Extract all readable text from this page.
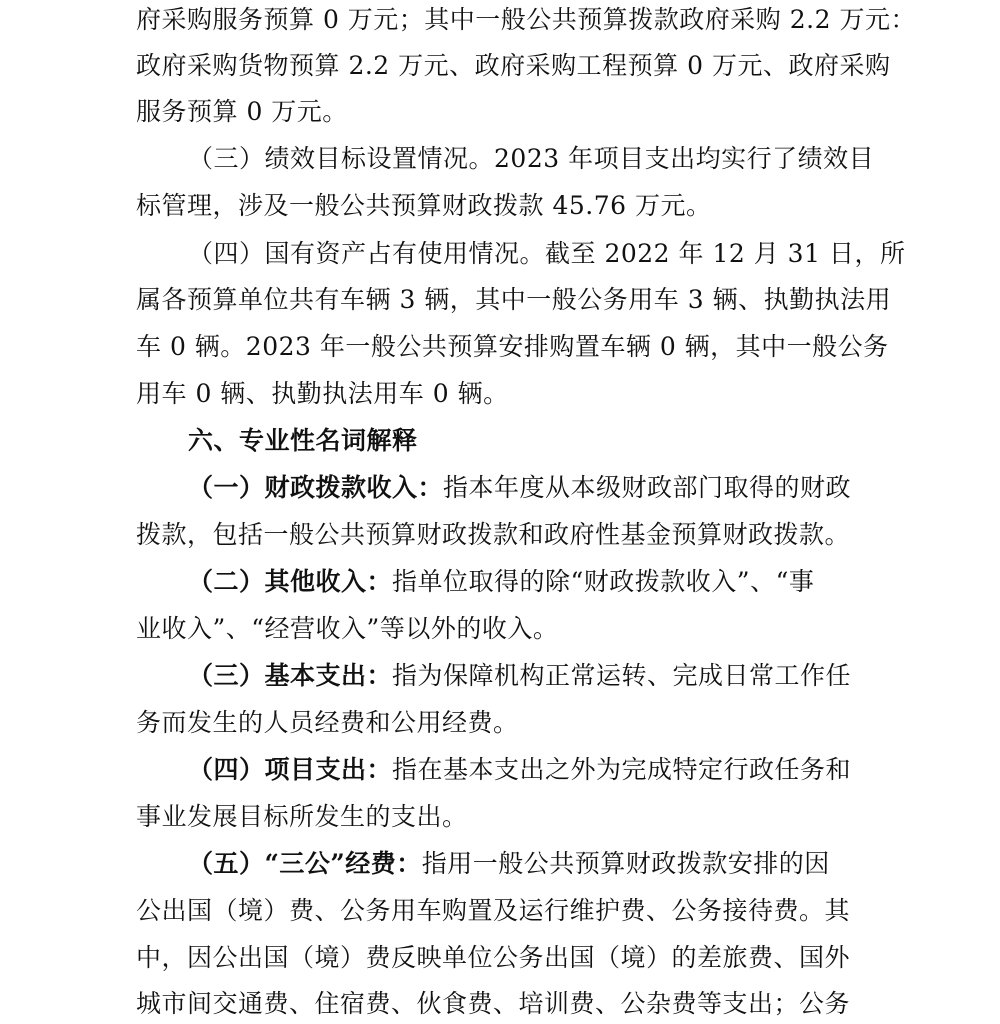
府采购服务预算 0 万元；其中一般公共预算拨款政府采购 2.2 万元：
政府采购货物预算 2.2 万元、政府采购工程预算 0 万元、政府采购
服务预算 0 万元。
（三）绩效目标设置情况。2023 年项目支出均实行了绩效目
标管理，涉及一般公共预算财政拨款 45.76 万元。
（四）国有资产占有使用情况。截至 2022 年 12 月 31 日，所
属各预算单位共有车辆 3 辆，其中一般公务用车 3 辆、执勤执法用
车 0 辆。2023 年一般公共预算安排购置车辆 0 辆，其中一般公务
用车 0 辆、执勤执法用车 0 辆。
六、专业性名词解释
（一）财政拨款收入：指本年度从本级财政部门取得的财政
拨款，包括一般公共预算财政拨款和政府性基金预算财政拨款。
（二）其他收入：指单位取得的除“财政拨款收入”、“事
业收入”、“经营收入”等以外的收入。
（三）基本支出：指为保障机构正常运转、完成日常工作任
务而发生的人员经费和公用经费。
（四）项目支出：指在基本支出之外为完成特定行政任务和
事业发展目标所发生的支出。
（五）“三公”经费：指用一般公共预算财政拨款安排的因
公出国（境）费、公务用车购置及运行维护费、公务接待费。其
中，因公出国（境）费反映单位公务出国（境）的差旅费、国外
城市间交通费、住宿费、伙食费、培训费、公杂费等支出；公务
